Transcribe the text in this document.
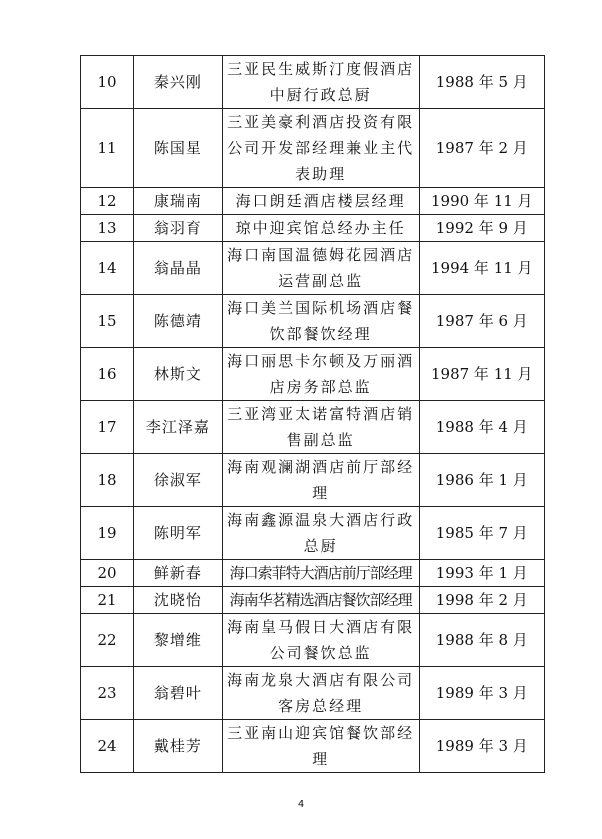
10	秦兴刚	三亚民生威斯汀度假酒店中厨行政总厨	1988 年 5 月
11	陈国星	三亚美豪利酒店投资有限公司开发部经理兼业主代表助理	1987 年 2 月
12	康瑞南	海口朗廷酒店楼层经理	1990 年 11 月
13	翁羽育	琼中迎宾馆总经办主任	1992 年 9 月
14	翁晶晶	海口南国温德姆花园酒店运营副总监	1994 年 11 月
15	陈德靖	海口美兰国际机场酒店餐饮部餐饮经理	1987 年 6 月
16	林斯文	海口丽思卡尔顿及万丽酒店房务部总监	1987 年 11 月
17	李江泽嘉	三亚湾亚太诺富特酒店销售副总监	1988 年 4 月
18	徐淑军	海南观澜湖酒店前厅部经理	1986 年 1 月
19	陈明军	海南鑫源温泉大酒店行政总厨	1985 年 7 月
20	鲜新春	海口索菲特大酒店前厅部经理	1993 年 1 月
21	沈晓怡	海南华茗精选酒店餐饮部经理	1998 年 2 月
22	黎增维	海南皇马假日大酒店有限公司餐饮总监	1988 年 8 月
23	翁碧叶	海南龙泉大酒店有限公司客房总经理	1989 年 3 月
24	戴桂芳	三亚南山迎宾馆餐饮部经理	1989 年 3 月
4
